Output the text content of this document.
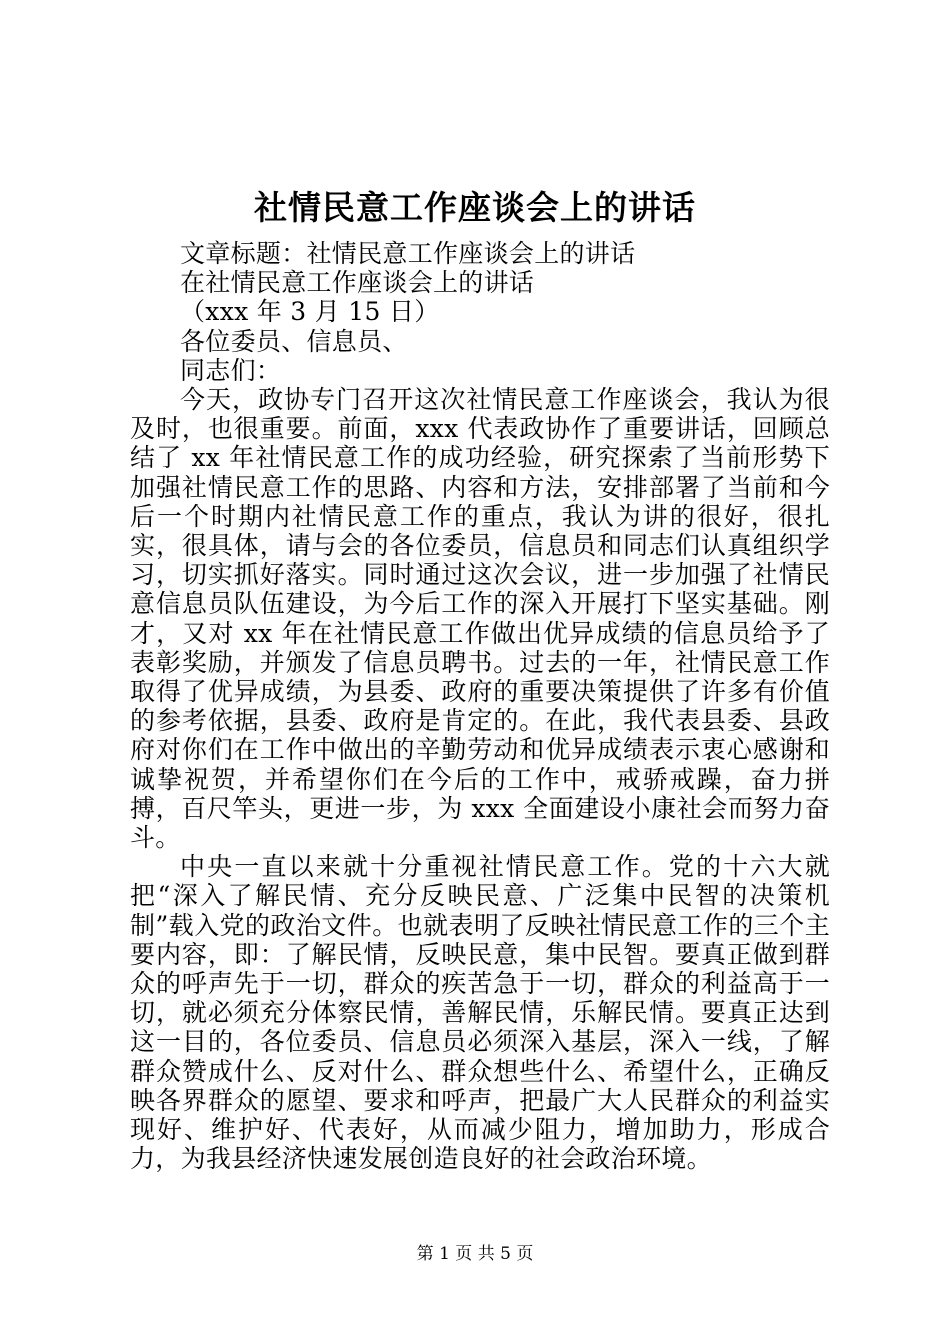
社情民意工作座谈会上的讲话
文章标题：社情民意工作座谈会上的讲话
在社情民意工作座谈会上的讲话
（xxx 年 3 月 15 日）
各位委员、信息员、
同志们：

今天，政协专门召开这次社情民意工作座谈会，我认为很及时，也很重要。前面，xxx 代表政协作了重要讲话，回顾总结了 xx 年社情民意工作的成功经验，研究探索了当前形势下加强社情民意工作的思路、内容和方法，安排部署了当前和今后一个时期内社情民意工作的重点，我认为讲的很好，很扎实，很具体，请与会的各位委员，信息员和同志们认真组织学习，切实抓好落实。同时通过这次会议，进一步加强了社情民意信息员队伍建设，为今后工作的深入开展打下坚实基础。刚才，又对 xx 年在社情民意工作做出优异成绩的信息员给予了表彰奖励，并颁发了信息员聘书。过去的一年，社情民意工作取得了优异成绩，为县委、政府的重要决策提供了许多有价值的参考依据，县委、政府是肯定的。在此，我代表县委、县政府对你们在工作中做出的辛勤劳动和优异成绩表示衷心感谢和诚挚祝贺，并希望你们在今后的工作中，戒骄戒躁，奋力拼搏，百尺竿头，更进一步，为 xxx 全面建设小康社会而努力奋斗。

中央一直以来就十分重视社情民意工作。党的十六大就把“深入了解民情、充分反映民意、广泛集中民智的决策机制”载入党的政治文件。也就表明了反映社情民意工作的三个主要内容，即：了解民情，反映民意，集中民智。要真正做到群众的呼声先于一切，群众的疾苦急于一切，群众的利益高于一切，就必须充分体察民情，善解民情，乐解民情。要真正达到这一目的，各位委员、信息员必须深入基层，深入一线，了解群众赞成什么、反对什么、群众想些什么、希望什么，正确反映各界群众的愿望、要求和呼声，把最广大人民群众的利益实现好、维护好、代表好，从而减少阻力，增加助力，形成合力，为我县经济快速发展创造良好的社会政治环境。

第 1 页 共 5 页
